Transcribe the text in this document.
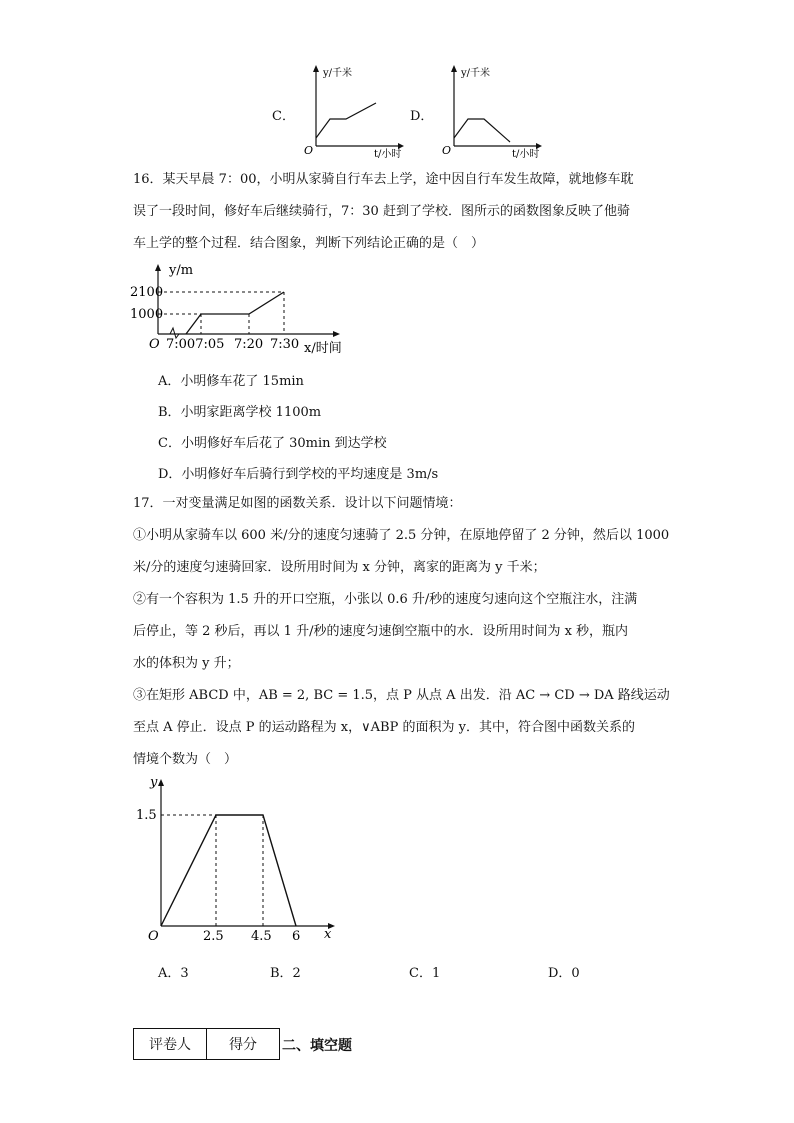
C．
y/千米
O	t/小时
D．
y/千米
O	t/小时
16．某天早晨 7：00，小明从家骑自行车去上学，途中因自行车发生故障，就地修车耽
误了一段时间，修好车后继续骑行，7：30 赶到了学校．图所示的函数图象反映了他骑
车上学的整个过程．结合图象，判断下列结论正确的是（　）
y/m
2100
1000
O 7:007:05 7:20 7:30 x/时间
A．小明修车花了 15min
B．小明家距离学校 1100m
C．小明修好车后花了 30min 到达学校
D．小明修好车后骑行到学校的平均速度是 3m/s
17．一对变量满足如图的函数关系．设计以下问题情境：
①小明从家骑车以 600 米/分的速度匀速骑了 2.5 分钟，在原地停留了 2 分钟，然后以 1000
米/分的速度匀速骑回家．设所用时间为 x 分钟，离家的距离为 y 千米；
②有一个容积为 1.5 升的开口空瓶，小张以 0.6 升/秒的速度匀速向这个空瓶注水，注满
后停止，等 2 秒后，再以 1 升/秒的速度匀速倒空瓶中的水．设所用时间为 x 秒，瓶内
水的体积为 y 升；
③在矩形 ABCD 中，AB = 2, BC = 1.5，点 P 从点 A 出发．沿 AC → CD → DA 路线运动
至点 A 停止．设点 P 的运动路程为 x，∨ABP 的面积为 y．其中，符合图中函数关系的
情境个数为（　）
y
1.5
O	2.5 4.5 6 x
A．3	B．2	C．1	D．0
评卷人	得分 二、填空题
